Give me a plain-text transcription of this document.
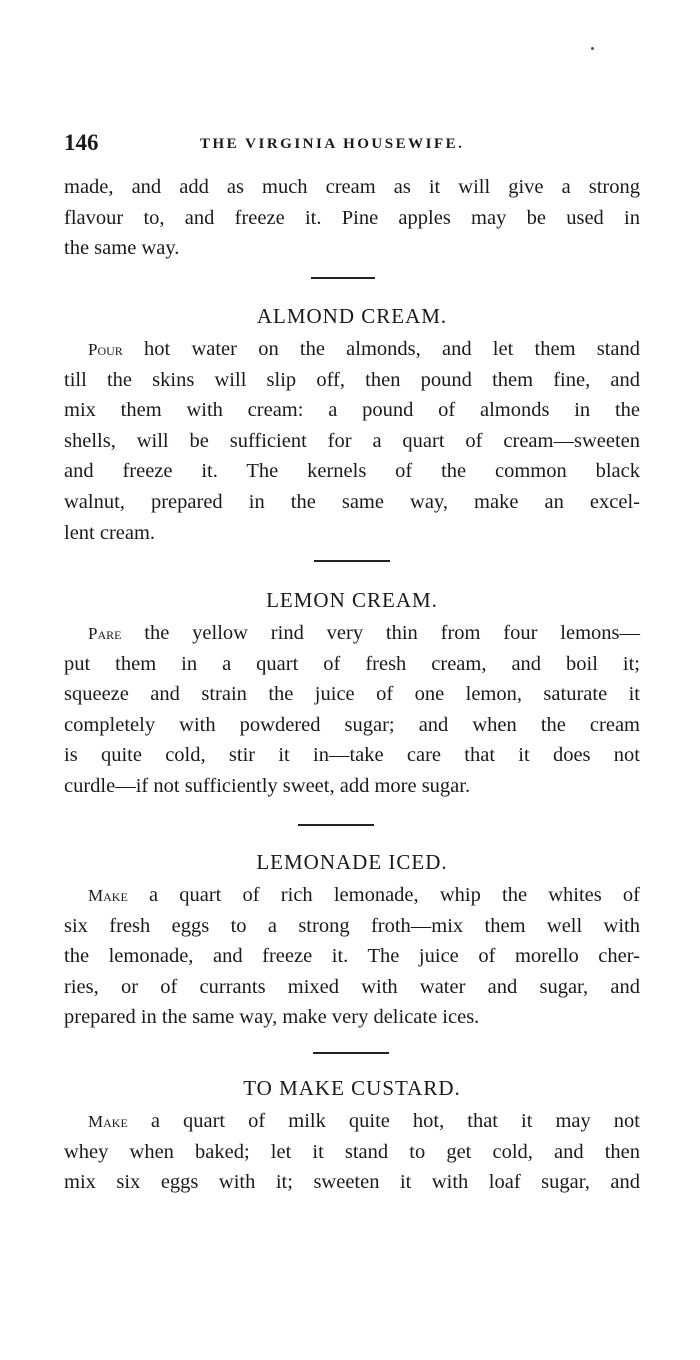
146	THE VIRGINIA HOUSEWIFE.
made, and add as much cream as it will give a strong
flavour to, and freeze it. Pine apples may be used in
the same way.
ALMOND CREAM.
Pour hot water on the almonds, and let them stand
till the skins will slip off, then pound them fine, and
mix them with cream: a pound of almonds in the
shells, will be sufficient for a quart of cream—sweeten
and freeze it. The kernels of the common black
walnut, prepared in the same way, make an excel-
lent cream.
LEMON CREAM.
Pare the yellow rind very thin from four lemons—
put them in a quart of fresh cream, and boil it;
squeeze and strain the juice of one lemon, saturate it
completely with powdered sugar; and when the cream
is quite cold, stir it in—take care that it does not
curdle—if not sufficiently sweet, add more sugar.
LEMONADE ICED.
Make a quart of rich lemonade, whip the whites of
six fresh eggs to a strong froth—mix them well with
the lemonade, and freeze it. The juice of morello cher-
ries, or of currants mixed with water and sugar, and
prepared in the same way, make very delicate ices.
TO MAKE CUSTARD.
Make a quart of milk quite hot, that it may not
whey when baked; let it stand to get cold, and then
mix six eggs with it; sweeten it with loaf sugar, and
